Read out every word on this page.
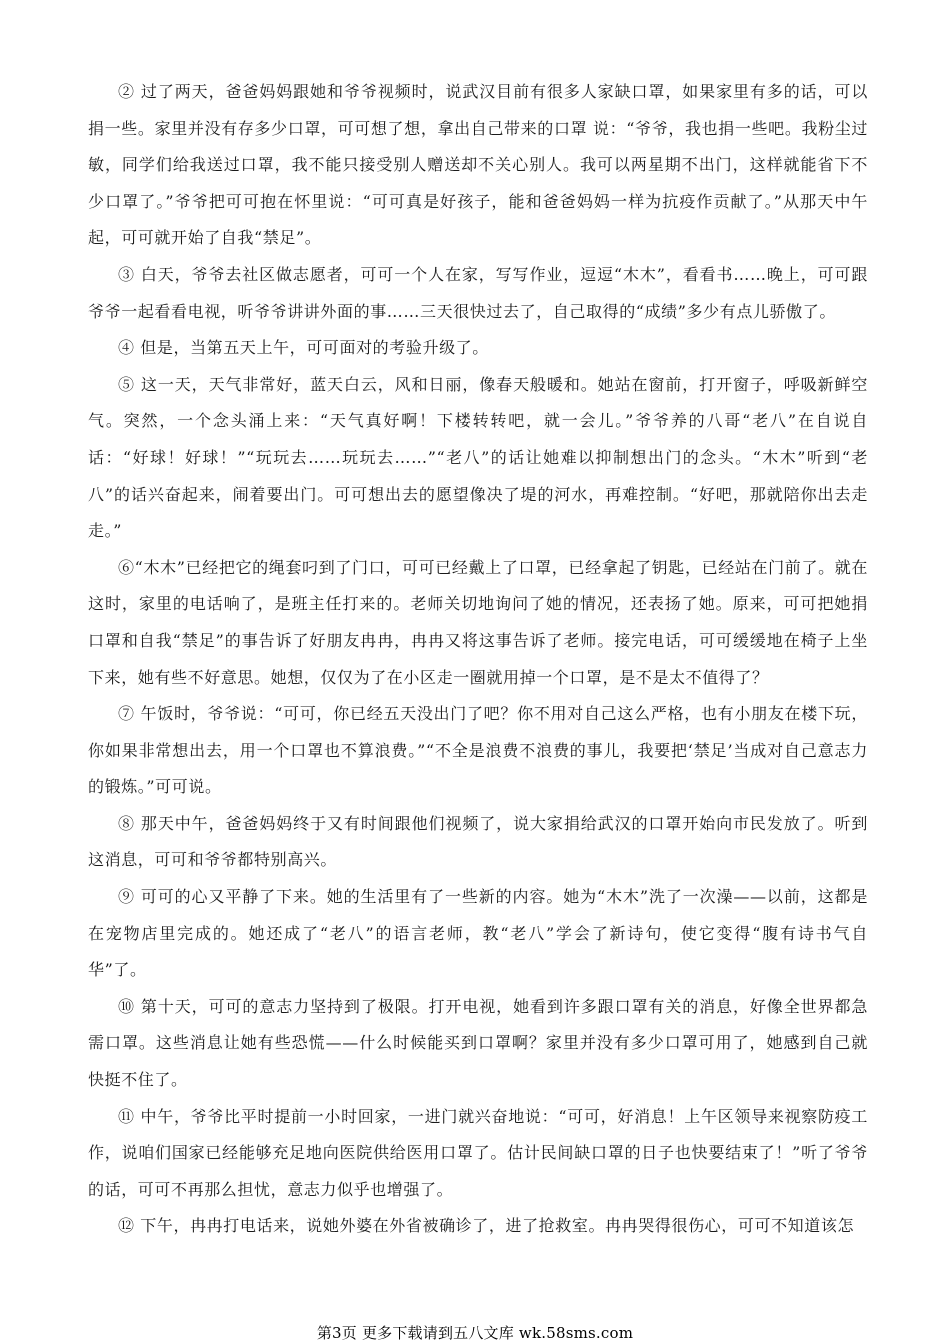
② 过了两天，爸爸妈妈跟她和爷爷视频时，说武汉目前有很多人家缺口罩，如果家里有多的话，可以捐一些。家里并没有存多少口罩，可可想了想，拿出自己带来的口罩 说：“爷爷，我也捐一些吧。我粉尘过敏，同学们给我送过口罩，我不能只接受别人赠送却不关心别人。我可以两星期不出门，这样就能省下不少口罩了。”爷爷把可可抱在怀里说：“可可真是好孩子，能和爸爸妈妈一样为抗疫作贡献了。”从那天中午起，可可就开始了自我“禁足”。

③ 白天，爷爷去社区做志愿者，可可一个人在家，写写作业，逗逗“木木”，看看书……晚上，可可跟爷爷一起看看电视，听爷爷讲讲外面的事……三天很快过去了，自己取得的“成绩”多少有点儿骄傲了。

④ 但是，当第五天上午，可可面对的考验升级了。

⑤ 这一天，天气非常好，蓝天白云，风和日丽，像春天般暖和。她站在窗前，打开窗子，呼吸新鲜空气。突然，一个念头涌上来：“天气真好啊！下楼转转吧，就一会儿。”爷爷养的八哥“老八”在自说自话：“好球！好球！”“玩玩去……玩玩去……”“老八”的话让她难以抑制想出门的念头。“木木”听到“老八”的话兴奋起来，闹着要出门。可可想出去的愿望像决了堤的河水，再难控制。“好吧，那就陪你出去走走。”

⑥“木木”已经把它的绳套叼到了门口，可可已经戴上了口罩，已经拿起了钥匙，已经站在门前了。就在这时，家里的电话响了，是班主任打来的。老师关切地询问了她的情况，还表扬了她。原来，可可把她捐口罩和自我“禁足”的事告诉了好朋友冉冉，冉冉又将这事告诉了老师。接完电话，可可缓缓地在椅子上坐下来，她有些不好意思。她想，仅仅为了在小区走一圈就用掉一个口罩，是不是太不值得了？

⑦ 午饭时，爷爷说：“可可，你已经五天没出门了吧？你不用对自己这么严格，也有小朋友在楼下玩，你如果非常想出去，用一个口罩也不算浪费。”“不全是浪费不浪费的事儿，我要把‘禁足’当成对自己意志力的锻炼。”可可说。

⑧ 那天中午，爸爸妈妈终于又有时间跟他们视频了，说大家捐给武汉的口罩开始向市民发放了。听到这消息，可可和爷爷都特别高兴。

⑨ 可可的心又平静了下来。她的生活里有了一些新的内容。她为“木木”洗了一次澡——以前，这都是在宠物店里完成的。她还成了“老八”的语言老师，教“老八”学会了新诗句，使它变得“腹有诗书气自华”了。

⑩ 第十天，可可的意志力坚持到了极限。打开电视，她看到许多跟口罩有关的消息，好像全世界都急需口罩。这些消息让她有些恐慌——什么时候能买到口罩啊？家里并没有多少口罩可用了，她感到自己就快挺不住了。

⑪ 中午，爷爷比平时提前一小时回家，一进门就兴奋地说：“可可，好消息！上午区领导来视察防疫工作，说咱们国家已经能够充足地向医院供给医用口罩了。估计民间缺口罩的日子也快要结束了！”听了爷爷的话，可可不再那么担忧，意志力似乎也增强了。

⑫ 下午，冉冉打电话来，说她外婆在外省被确诊了，进了抢救室。冉冉哭得很伤心，可可不知道该怎

第3页 更多下载请到五八文库 wk.58sms.com
